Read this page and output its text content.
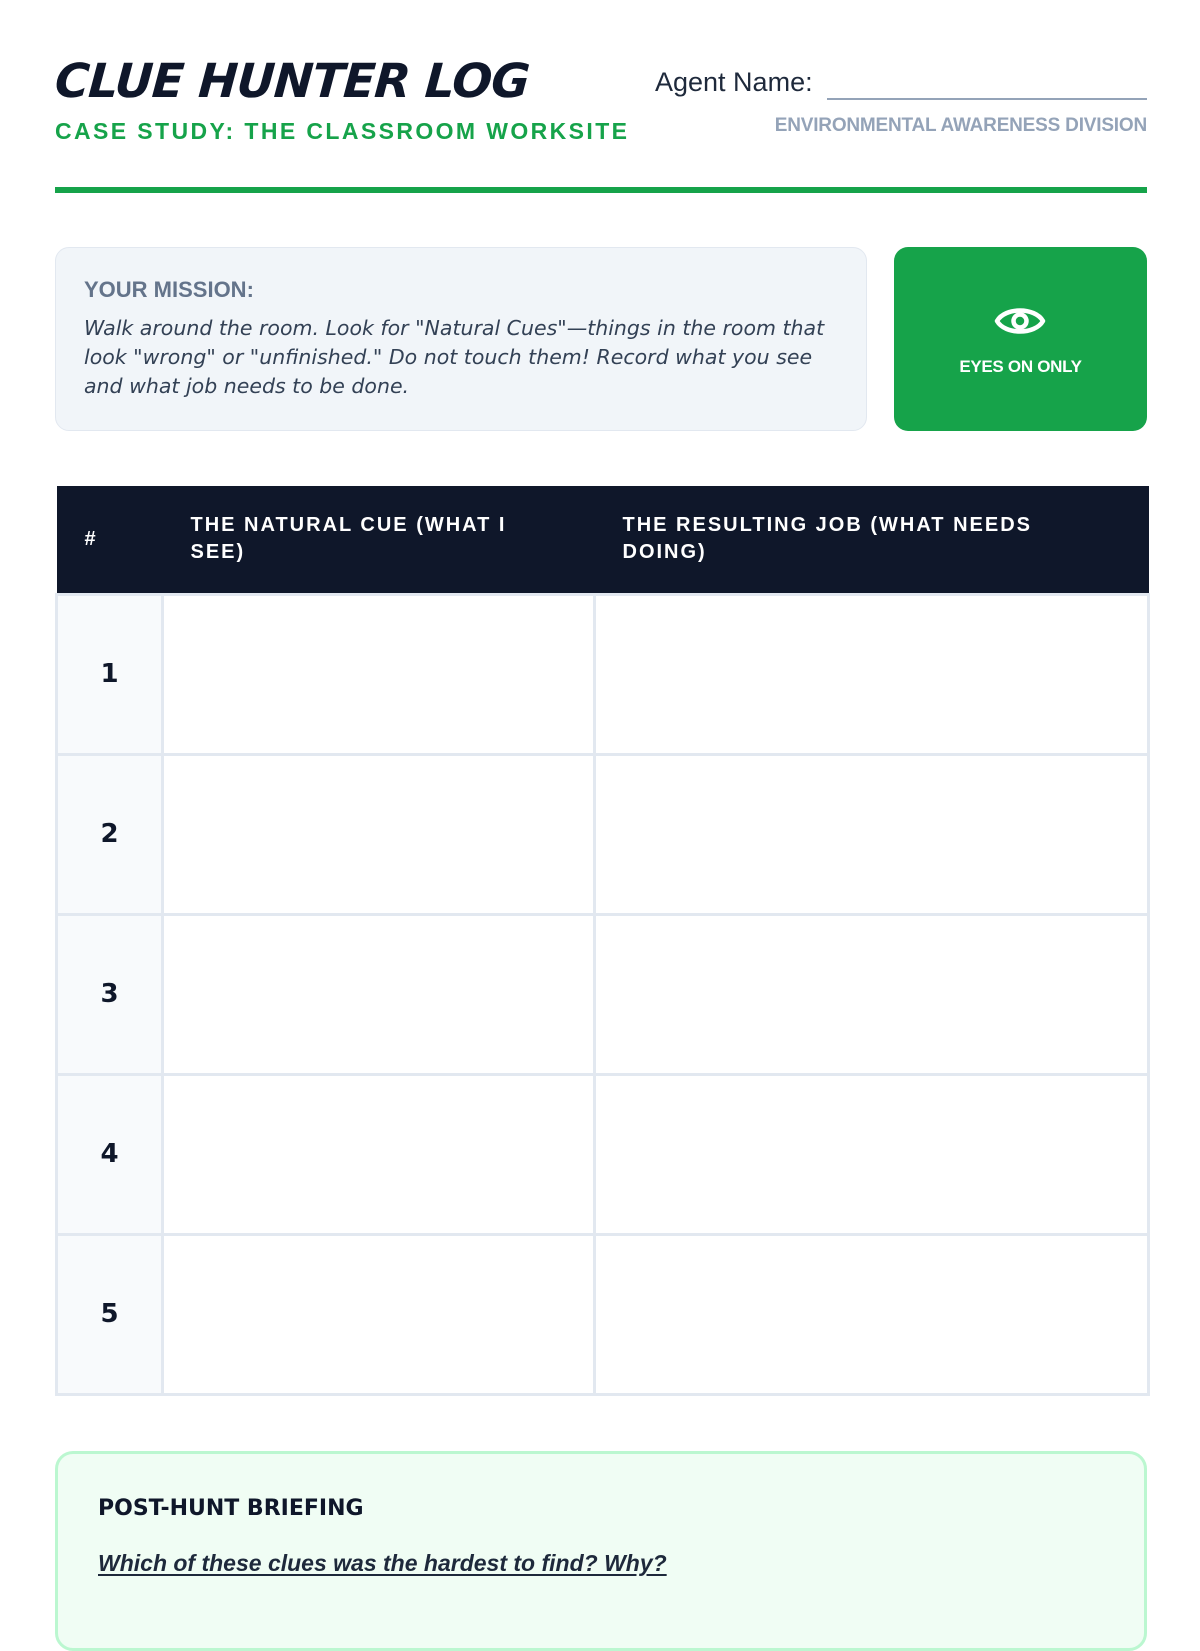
CLUE HUNTER LOG
CASE STUDY: THE CLASSROOM WORKSITE
Agent Name:
ENVIRONMENTAL AWARENESS DIVISION
YOUR MISSION:

Walk around the room. Look for "Natural Cues"—things in the room that look "wrong" or "unfinished." Do not touch them! Record what you see and what job needs to be done.

EYES ON ONLY
#	THE NATURAL CUE (WHAT I SEE)	THE RESULTING JOB (WHAT NEEDS DOING)
1		
2		
3		
4		
5		
POST-HUNT BRIEFING

Which of these clues was the hardest to find? Why?
